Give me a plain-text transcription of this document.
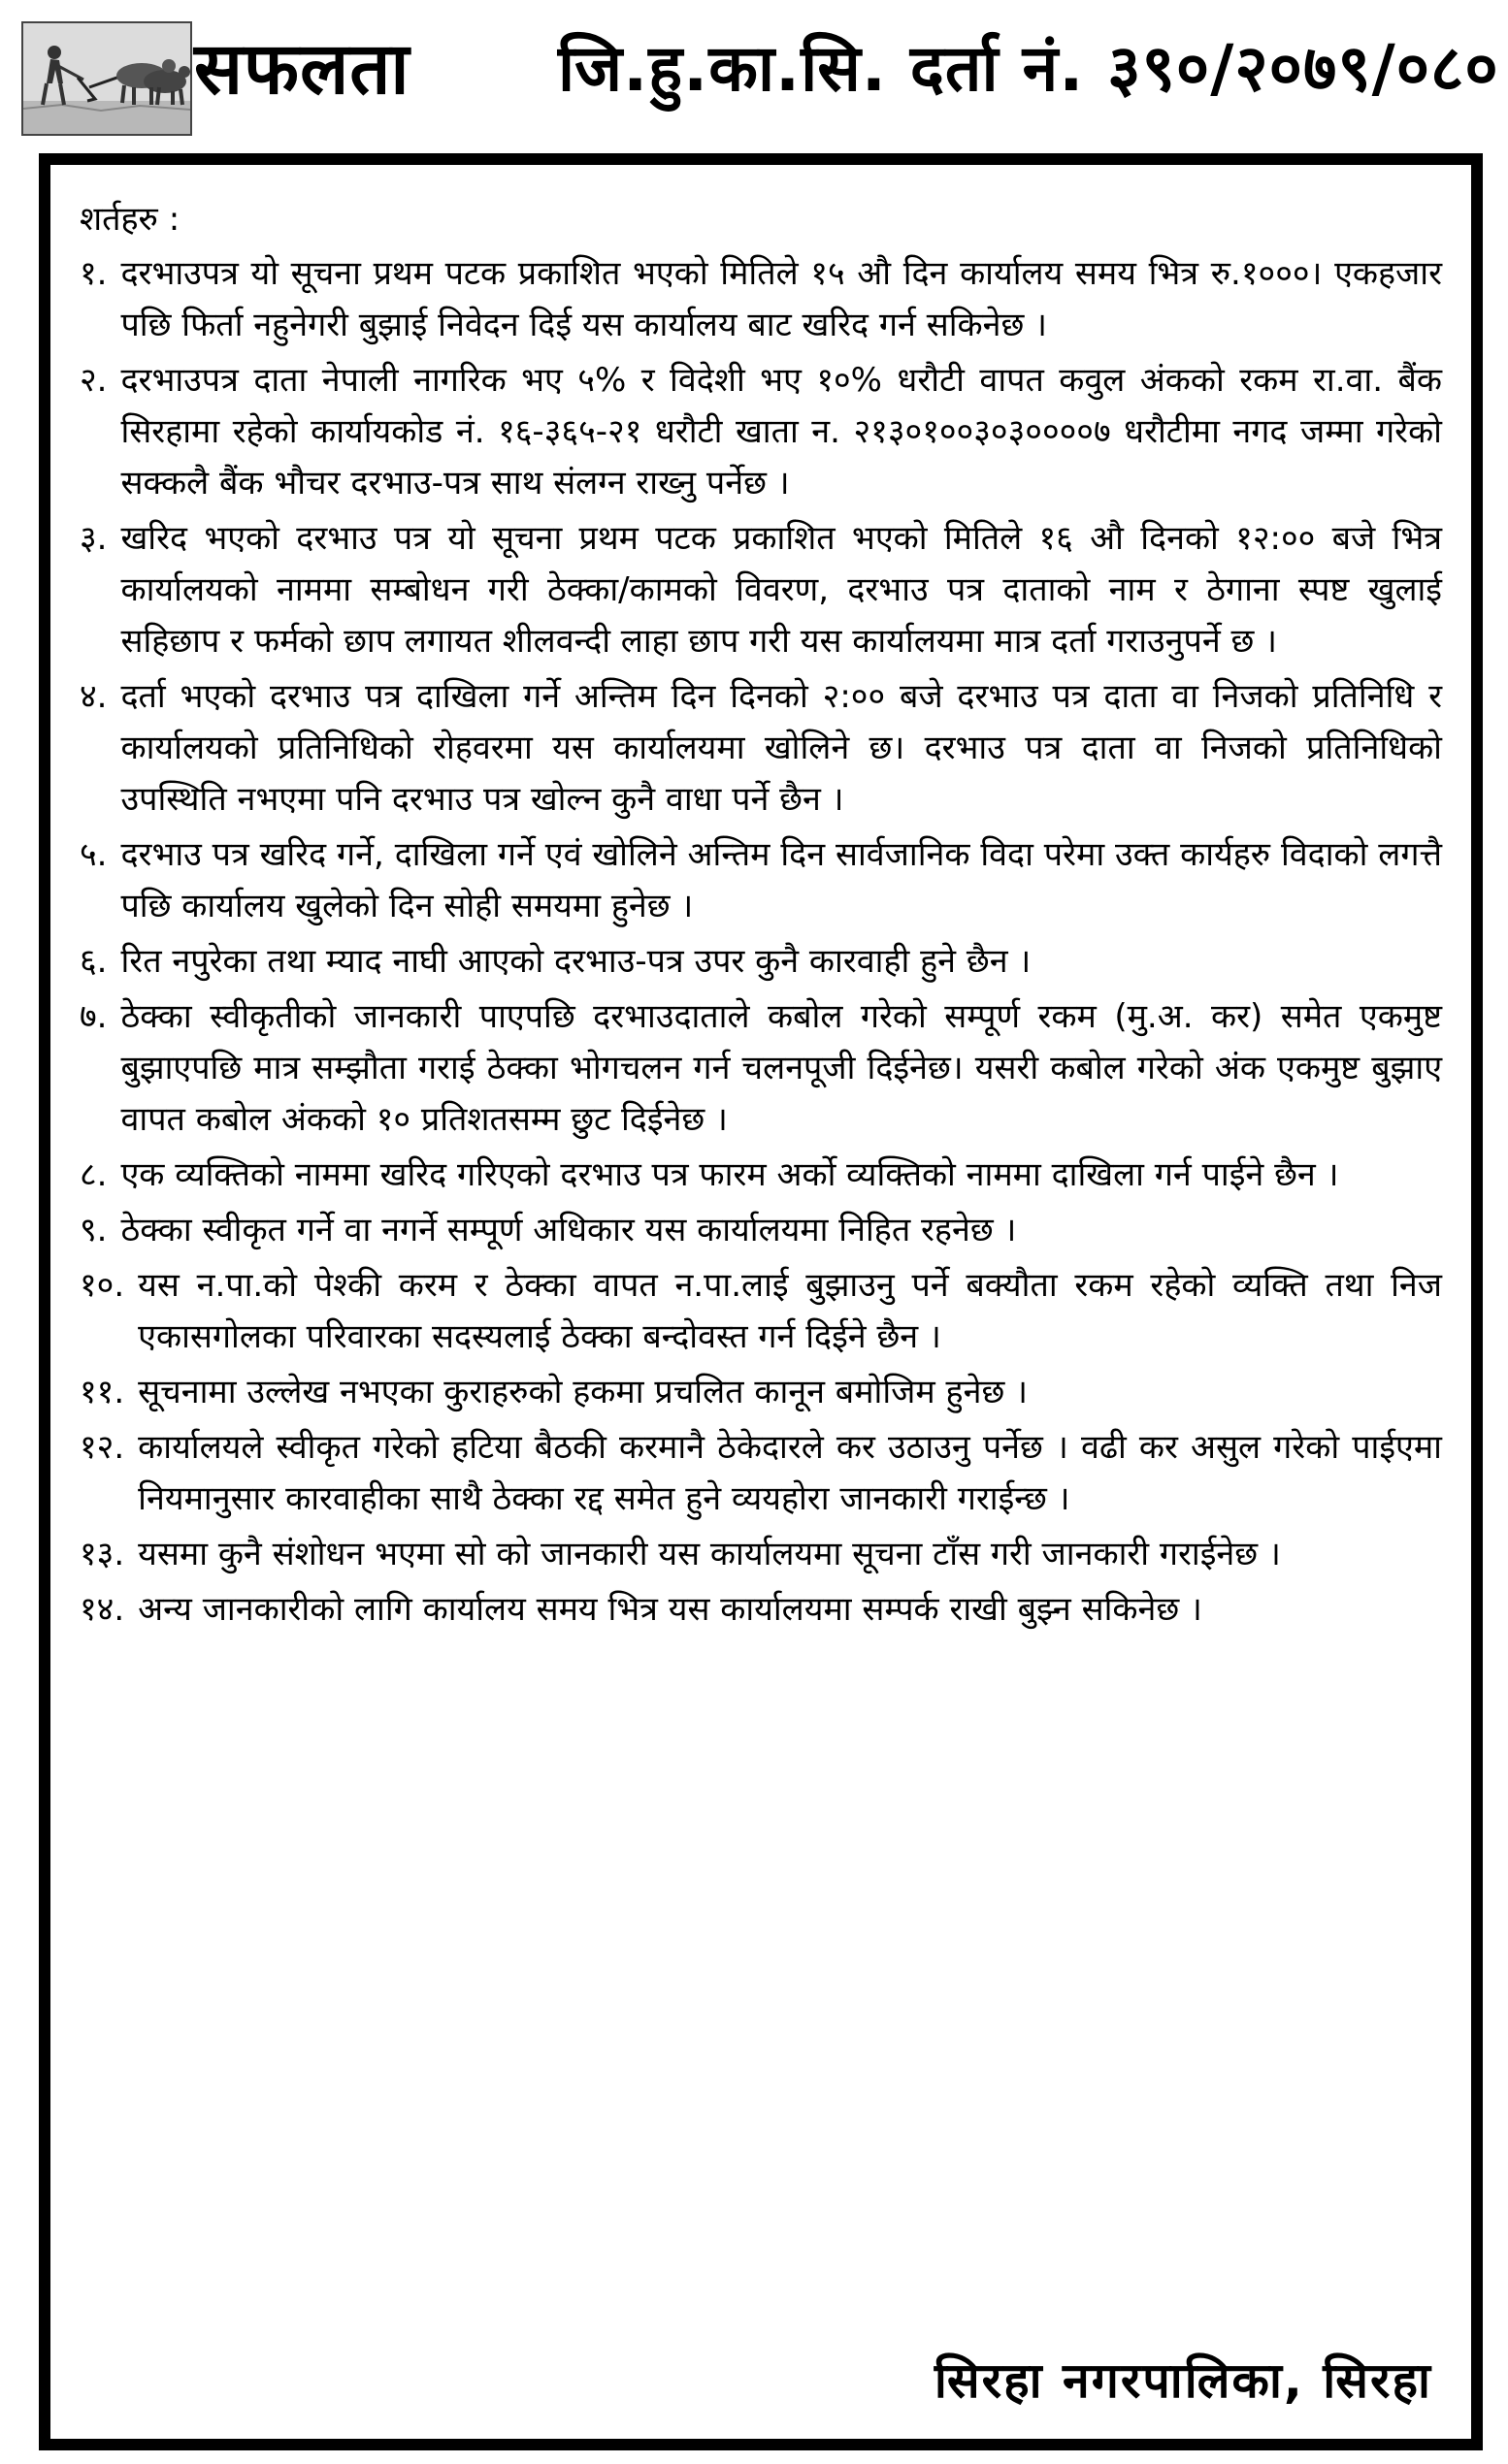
सफलता जि.हु.का.सि. दर्ता नं. ३९०/२०७९/०८०
शर्तहरु :
१. दरभाउपत्र यो सूचना प्रथम पटक प्रकाशित भएको मितिले १५ औ दिन कार्यालय समय भित्र रु.१०००। एकहजार पछि फिर्ता नहुनेगरी बुझाई निवेदन दिई यस कार्यालय बाट खरिद गर्न सकिनेछ ।
२. दरभाउपत्र दाता नेपाली नागरिक भए ५% र विदेशी भए १०% धरौटी वापत कवुल अंकको रकम रा.वा. बैंक सिरहामा रहेको कार्यायकोड नं. १६-३६५-२१ धरौटी खाता न. २१३०१००३०३००००७ धरौटीमा नगद जम्मा गरेको सक्कलै बैंक भौचर दरभाउ-पत्र साथ संलग्न राख्नु पर्नेछ ।
३. खरिद भएको दरभाउ पत्र यो सूचना प्रथम पटक प्रकाशित भएको मितिले १६ औ दिनको १२:०० बजे भित्र कार्यालयको नाममा सम्बोधन गरी ठेक्का/कामको विवरण, दरभाउ पत्र दाताको नाम र ठेगाना स्पष्ट खुलाई सहिछाप र फर्मको छाप लगायत शीलवन्दी लाहा छाप गरी यस कार्यालयमा मात्र दर्ता गराउनुपर्ने छ ।
४. दर्ता भएको दरभाउ पत्र दाखिला गर्ने अन्तिम दिन दिनको २:०० बजे दरभाउ पत्र दाता वा निजको प्रतिनिधि र कार्यालयको प्रतिनिधिको रोहवरमा यस कार्यालयमा खोलिने छ। दरभाउ पत्र दाता वा निजको प्रतिनिधिको उपस्थिति नभएमा पनि दरभाउ पत्र खोल्न कुनै वाधा पर्ने छैन ।
५. दरभाउ पत्र खरिद गर्ने, दाखिला गर्ने एवं खोलिने अन्तिम दिन सार्वजानिक विदा परेमा उक्त कार्यहरु विदाको लगत्तै पछि कार्यालय खुलेको दिन सोही समयमा हुनेछ ।
६. रित नपुरेका तथा म्याद नाघी आएको दरभाउ-पत्र उपर कुनै कारवाही हुने छैन ।
७. ठेक्का स्वीकृतीको जानकारी पाएपछि दरभाउदाताले कबोल गरेको सम्पूर्ण रकम (मु.अ. कर) समेत एकमुष्ट बुझाएपछि मात्र सम्झौता गराई ठेक्का भोगचलन गर्न चलनपूजी दिईनेछ। यसरी कबोल गरेको अंक एकमुष्ट बुझाए वापत कबोल अंकको १० प्रतिशतसम्म छुट दिईनेछ ।
८. एक व्यक्तिको नाममा खरिद गरिएको दरभाउ पत्र फारम अर्को व्यक्तिको नाममा दाखिला गर्न पाईने छैन ।
९. ठेक्का स्वीकृत गर्ने वा नगर्ने सम्पूर्ण अधिकार यस कार्यालयमा निहित रहनेछ ।
१०. यस न.पा.को पेश्की करम र ठेक्का वापत न.पा.लाई बुझाउनु पर्ने बक्यौता रकम रहेको व्यक्ति तथा निज एकासगोलका परिवारका सदस्यलाई ठेक्का बन्दोवस्त गर्न दिईने छैन ।
११. सूचनामा उल्लेख नभएका कुराहरुको हकमा प्रचलित कानून बमोजिम हुनेछ ।
१२. कार्यालयले स्वीकृत गरेको हटिया बैठकी करमानै ठेकेदारले कर उठाउनु पर्नेछ । वढी कर असुल गरेको पाईएमा नियमानुसार कारवाहीका साथै ठेक्का रद्द समेत हुने व्ययहोरा जानकारी गराईन्छ ।
१३. यसमा कुनै संशोधन भएमा सो को जानकारी यस कार्यालयमा सूचना टाँस गरी जानकारी गराईनेछ ।
१४. अन्य जानकारीको लागि कार्यालय समय भित्र यस कार्यालयमा सम्पर्क राखी बुझ्न सकिनेछ ।
सिरहा नगरपालिका, सिरहा
